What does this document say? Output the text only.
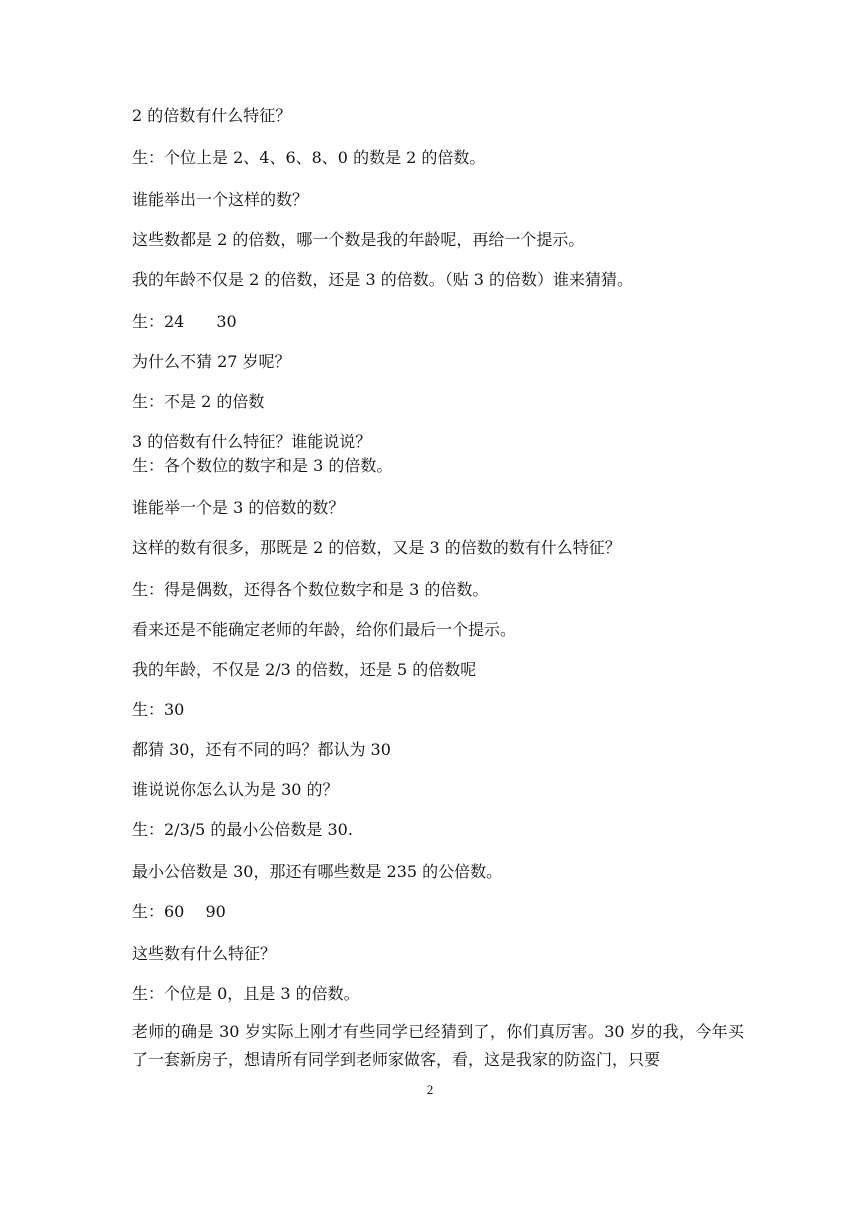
2 的倍数有什么特征？
生：个位上是 2、4、6、8、0 的数是 2 的倍数。
谁能举出一个这样的数？
这些数都是 2 的倍数，哪一个数是我的年龄呢，再给一个提示。
我的年龄不仅是 2 的倍数，还是 3 的倍数。（贴 3 的倍数）谁来猜猜。
生：24　　30
为什么不猜 27 岁呢？
生：不是 2 的倍数
3 的倍数有什么特征？谁能说说？
生：各个数位的数字和是 3 的倍数。
谁能举一个是 3 的倍数的数？
这样的数有很多，那既是 2 的倍数，又是 3 的倍数的数有什么特征？
生：得是偶数，还得各个数位数字和是 3 的倍数。
看来还是不能确定老师的年龄，给你们最后一个提示。
我的年龄，不仅是 2/3 的倍数，还是 5 的倍数呢
生：30
都猜 30，还有不同的吗？都认为 30
谁说说你怎么认为是 30 的？
生：2/3/5 的最小公倍数是 30.
最小公倍数是 30，那还有哪些数是 235 的公倍数。
生：60　 90
这些数有什么特征？
生：个位是 0，且是 3 的倍数。
老师的确是 30 岁实际上刚才有些同学已经猜到了，你们真厉害。30 岁的我，今年买了一套新房子，想请所有同学到老师家做客，看，这是我家的防盗门，只要
2
